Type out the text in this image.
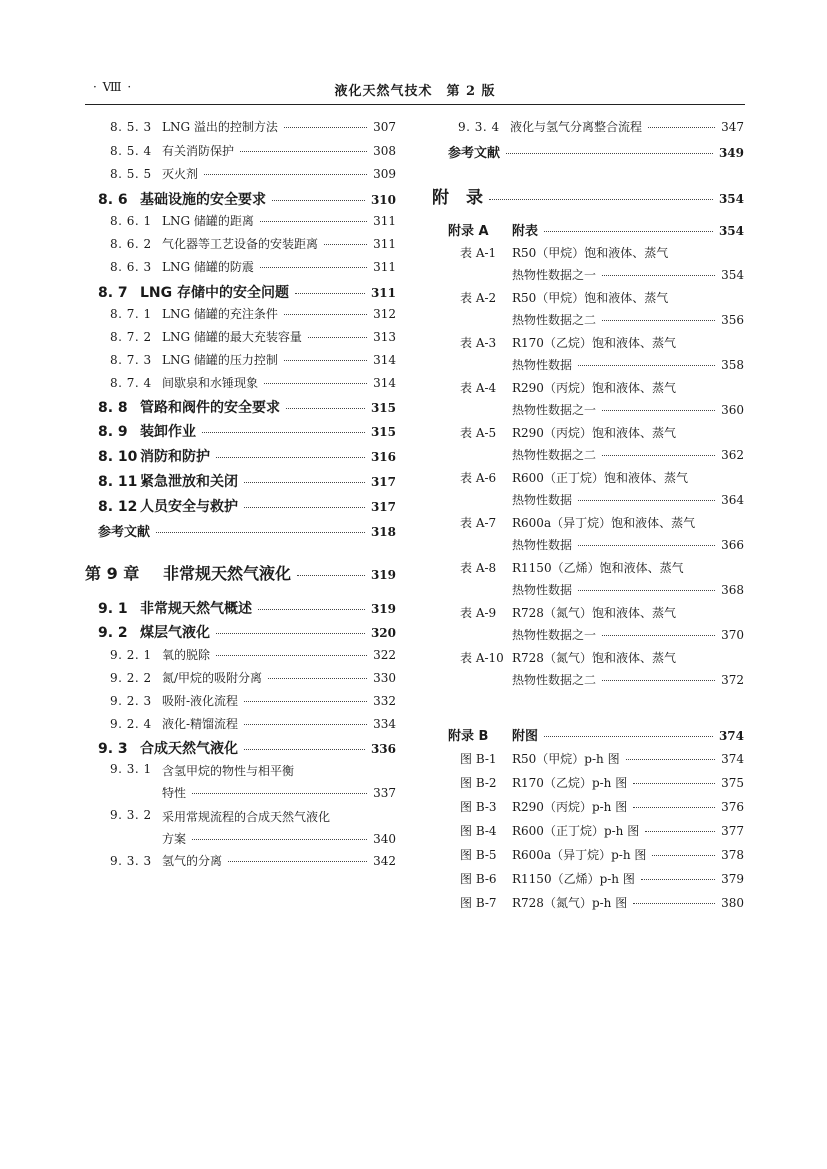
· Ⅷ ·	液化天然气技术　第 2 版
8. 5. 3 LNG 溢出的控制方法	307
8. 5. 4 有关消防保护	308
8. 5. 5 灭火剂	309
8. 6 基础设施的安全要求	310
8. 6. 1 LNG 储罐的距离	311
8. 6. 2 气化器等工艺设备的安装距离	311
8. 6. 3 LNG 储罐的防震	311
8. 7 LNG 存储中的安全问题	311
8. 7. 1 LNG 储罐的充注条件	312
8. 7. 2 LNG 储罐的最大充装容量	313
8. 7. 3 LNG 储罐的压力控制	314
8. 7. 4 间歇泉和水锤现象	314
8. 8 管路和阀件的安全要求	315
8. 9 装卸作业	315
8. 10 消防和防护	316
8. 11 紧急泄放和关闭	317
8. 12 人员安全与救护	317
参考文献	318
第 9 章	非常规天然气液化	319
9. 1 非常规天然气概述	319
9. 2 煤层气液化	320
9. 2. 1 氧的脱除	322
9. 2. 2 氮/甲烷的吸附分离	330
9. 2. 3 吸附-液化流程	332
9. 2. 4 液化-精馏流程	334
9. 3 合成天然气液化	336
9. 3. 1 含氢甲烷的物性与相平衡
特性	337
9. 3. 2 采用常规流程的合成天然气液化
方案	340
9. 3. 3 氢气的分离	342
9. 3. 4 液化与氢气分离整合流程	347
参考文献	349
附　录	354
附录 A	附表	354
表 A-1 R50（甲烷）饱和液体、蒸气
热物性数据之一	354
表 A-2 R50（甲烷）饱和液体、蒸气
热物性数据之二	356
表 A-3 R170（乙烷）饱和液体、蒸气
热物性数据	358
表 A-4 R290（丙烷）饱和液体、蒸气
热物性数据之一	360
表 A-5 R290（丙烷）饱和液体、蒸气
热物性数据之二	362
表 A-6 R600（正丁烷）饱和液体、蒸气
热物性数据	364
表 A-7 R600a（异丁烷）饱和液体、蒸气
热物性数据	366
表 A-8 R1150（乙烯）饱和液体、蒸气
热物性数据	368
表 A-9 R728（氮气）饱和液体、蒸气
热物性数据之一	370
表 A-10 R728（氮气）饱和液体、蒸气
热物性数据之二	372
附录 B	附图	374
图 B-1	R50（甲烷）p-h 图	374
图 B-2	R170（乙烷）p-h 图	375
图 B-3	R290（丙烷）p-h 图	376
图 B-4	R600（正丁烷）p-h 图	377
图 B-5	R600a（异丁烷）p-h 图	378
图 B-6	R1150（乙烯）p-h 图	379
图 B-7	R728（氮气）p-h 图	380
